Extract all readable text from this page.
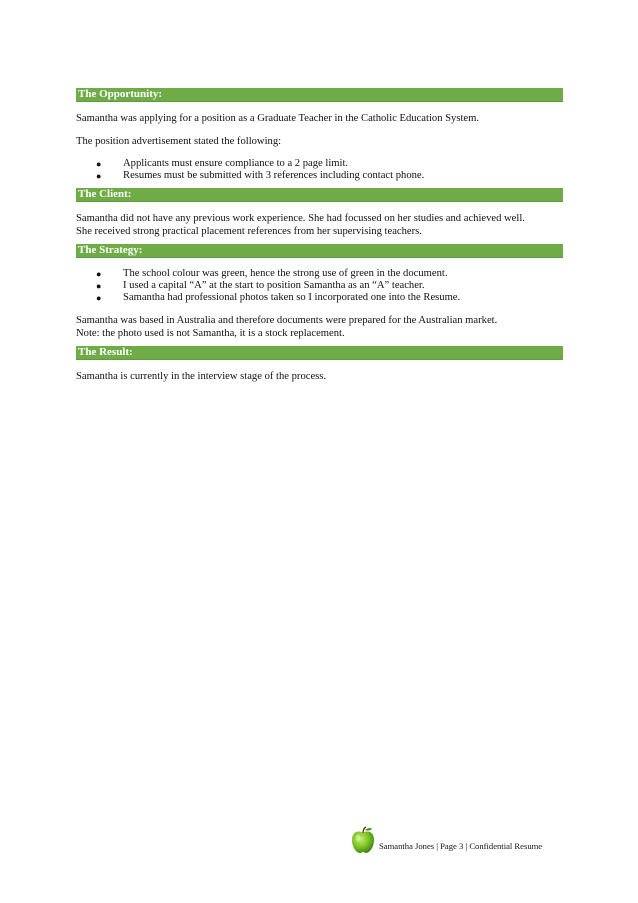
The Opportunity:

Samantha was applying for a position as a Graduate Teacher in the Catholic Education System.

The position advertisement stated the following:

● Applicants must ensure compliance to a 2 page limit.
● Resumes must be submitted with 3 references including contact phone.
The Client:

Samantha did not have any previous work experience. She had focussed on her studies and achieved well.

She received strong practical placement references from her supervising teachers.

The Strategy:
● The school colour was green, hence the strong use of green in the document.
● I used a capital “A” at the start to position Samantha as an “A” teacher.
● Samantha had professional photos taken so I incorporated one into the Resume.

Samantha was based in Australia and therefore documents were prepared for the Australian market.

Note: the photo used is not Samantha, it is a stock replacement.

The Result:

Samantha is currently in the interview stage of the process.

Samantha Jones | Page 3 | Confidential Resume
